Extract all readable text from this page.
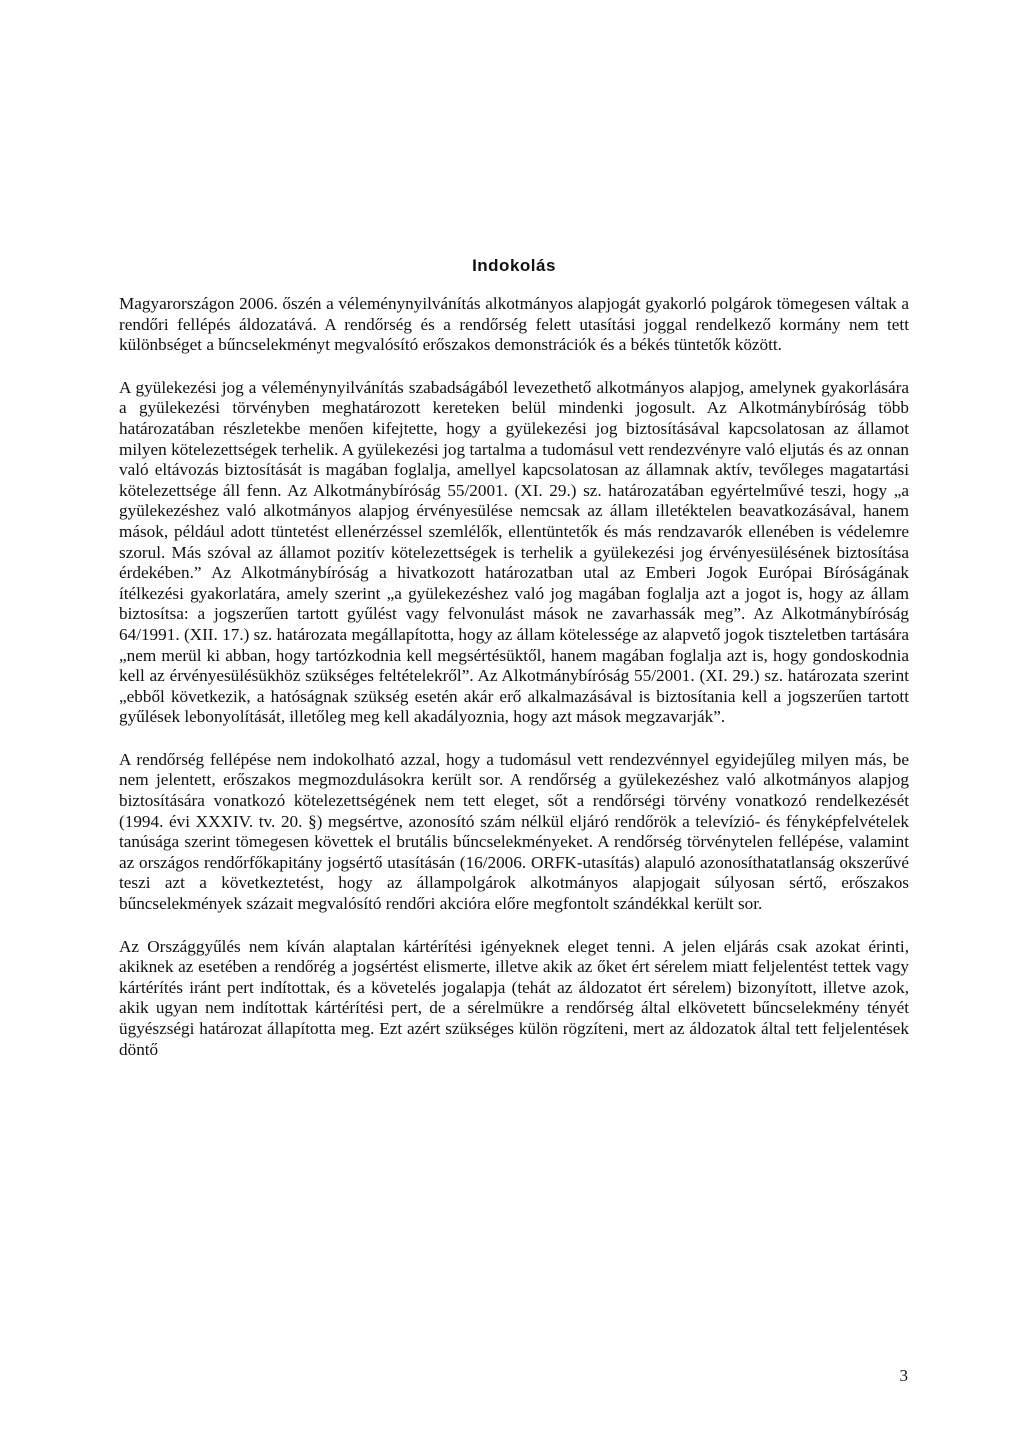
Indokolás

Magyarországon 2006. őszén a véleménynyilvánítás alkotmányos alapjogát gyakorló polgárok tömegesen váltak a rendőri fellépés áldozatává. A rendőrség és a rendőrség felett utasítási joggal rendelkező kormány nem tett különbséget a bűncselekményt megvalósító erőszakos demonstrációk és a békés tüntetők között.

A gyülekezési jog a véleménynyilvánítás szabadságából levezethető alkotmányos alapjog, amelynek gyakorlására a gyülekezési törvényben meghatározott kereteken belül mindenki jogosult. Az Alkotmánybíróság több határozatában részletekbe menően kifejtette, hogy a gyülekezési jog biztosításával kapcsolatosan az államot milyen kötelezettségek terhelik. A gyülekezési jog tartalma a tudomásul vett rendezvényre való eljutás és az onnan való eltávozás biztosítását is magában foglalja, amellyel kapcsolatosan az államnak aktív, tevőleges magatartási kötelezettsége áll fenn. Az Alkotmánybíróság 55/2001. (XI. 29.) sz. határozatában egyértelművé teszi, hogy „a gyülekezéshez való alkotmányos alapjog érvényesülése nemcsak az állam illetéktelen beavatkozásával, hanem mások, például adott tüntetést ellenérzéssel szemlélők, ellentüntetők és más rendzavarók ellenében is védelemre szorul. Más szóval az államot pozitív kötelezettségek is terhelik a gyülekezési jog érvényesülésének biztosítása érdekében.” Az Alkotmánybíróság a hivatkozott határozatban utal az Emberi Jogok Európai Bíróságának ítélkezési gyakorlatára, amely szerint „a gyülekezéshez való jog magában foglalja azt a jogot is, hogy az állam biztosítsa: a jogszerűen tartott gyűlést vagy felvonulást mások ne zavarhassák meg”. Az Alkotmánybíróság 64/1991. (XII. 17.) sz. határozata megállapította, hogy az állam kötelessége az alapvető jogok tiszteletben tartására „nem merül ki abban, hogy tartózkodnia kell megsértésüktől, hanem magában foglalja azt is, hogy gondoskodnia kell az érvényesülésükhöz szükséges feltételekről”. Az Alkotmánybíróság 55/2001. (XI. 29.) sz. határozata szerint „ebből következik, a hatóságnak szükség esetén akár erő alkalmazásával is biztosítania kell a jogszerűen tartott gyűlések lebonyolítását, illetőleg meg kell akadályoznia, hogy azt mások megzavarják”.

A rendőrség fellépése nem indokolható azzal, hogy a tudomásul vett rendezvénnyel egyidejűleg milyen más, be nem jelentett, erőszakos megmozdulásokra került sor. A rendőrség a gyülekezéshez való alkotmányos alapjog biztosítására vonatkozó kötelezettségének nem tett eleget, sőt a rendőrségi törvény vonatkozó rendelkezését (1994. évi XXXIV. tv. 20. §) megsértve, azonosító szám nélkül eljáró rendőrök a televízió- és fényképfelvételek tanúsága szerint tömegesen követtek el brutális bűncselekményeket. A rendőrség törvénytelen fellépése, valamint az országos rendőrfőkapitány jogsértő utasításán (16/2006. ORFK-utasítás) alapuló azonosíthatatlanság okszerűvé teszi azt a következtetést, hogy az állampolgárok alkotmányos alapjogait súlyosan sértő, erőszakos bűncselekmények százait megvalósító rendőri akcióra előre megfontolt szándékkal került sor.

Az Országgyűlés nem kíván alaptalan kártérítési igényeknek eleget tenni. A jelen eljárás csak azokat érinti, akiknek az esetében a rendőrég a jogsértést elismerte, illetve akik az őket ért sérelem miatt feljelentést tettek vagy kártérítés iránt pert indítottak, és a követelés jogalapja (tehát az áldozatot ért sérelem) bizonyított, illetve azok, akik ugyan nem indítottak kártérítési pert, de a sérelmükre a rendőrség által elkövetett bűncselekmény tényét ügyészségi határozat állapította meg. Ezt azért szükséges külön rögzíteni, mert az áldozatok által tett feljelentések döntő

3
